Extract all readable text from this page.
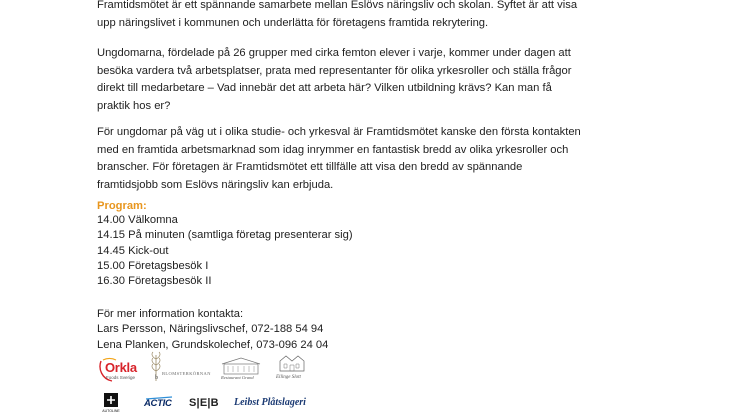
Framtidsmötet är ett spännande samarbete mellan Eslövs näringsliv och skolan. Syftet är att visa
upp näringslivet i kommunen och underlätta för företagens framtida rekrytering.
Ungdomarna, fördelade på 26 grupper med cirka femton elever i varje, kommer under dagen att
besöka vardera två arbetsplatser, prata med representanter för olika yrkesroller och ställa frågor
direkt till medarbetare – Vad innebär det att arbeta här? Vilken utbildning krävs? Kan man få
praktik hos er?
För ungdomar på väg ut i olika studie- och yrkesval är Framtidsmötet kanske den första kontakten
med en framtida arbetsmarknad som idag inrymmer en fantastisk bredd av olika yrkesroller och
branscher. För företagen är Framtidsmötet ett tillfälle att visa den bredd av spännande
framtidsjobb som Eslövs näringsliv kan erbjuda.
Program:
14.00 Välkomna
14.15 På minuten (samtliga företag presenterar sig)
14.45 Kick-out
15.00 Företagsbesök I
16.30 Företagsbesök II
För mer information kontakta:
Lars Persson, Näringslivschef, 072-188 54 94
Lena Planken, Grundskolechef, 073-096 24 04
Orkla
Foods Sverige	b
BLOMSTERKÖRNAN
Restaurant Grand	Ellinge Slott
AUTOLINE
ACTIC S|E|B Leibst Plåtslageri
